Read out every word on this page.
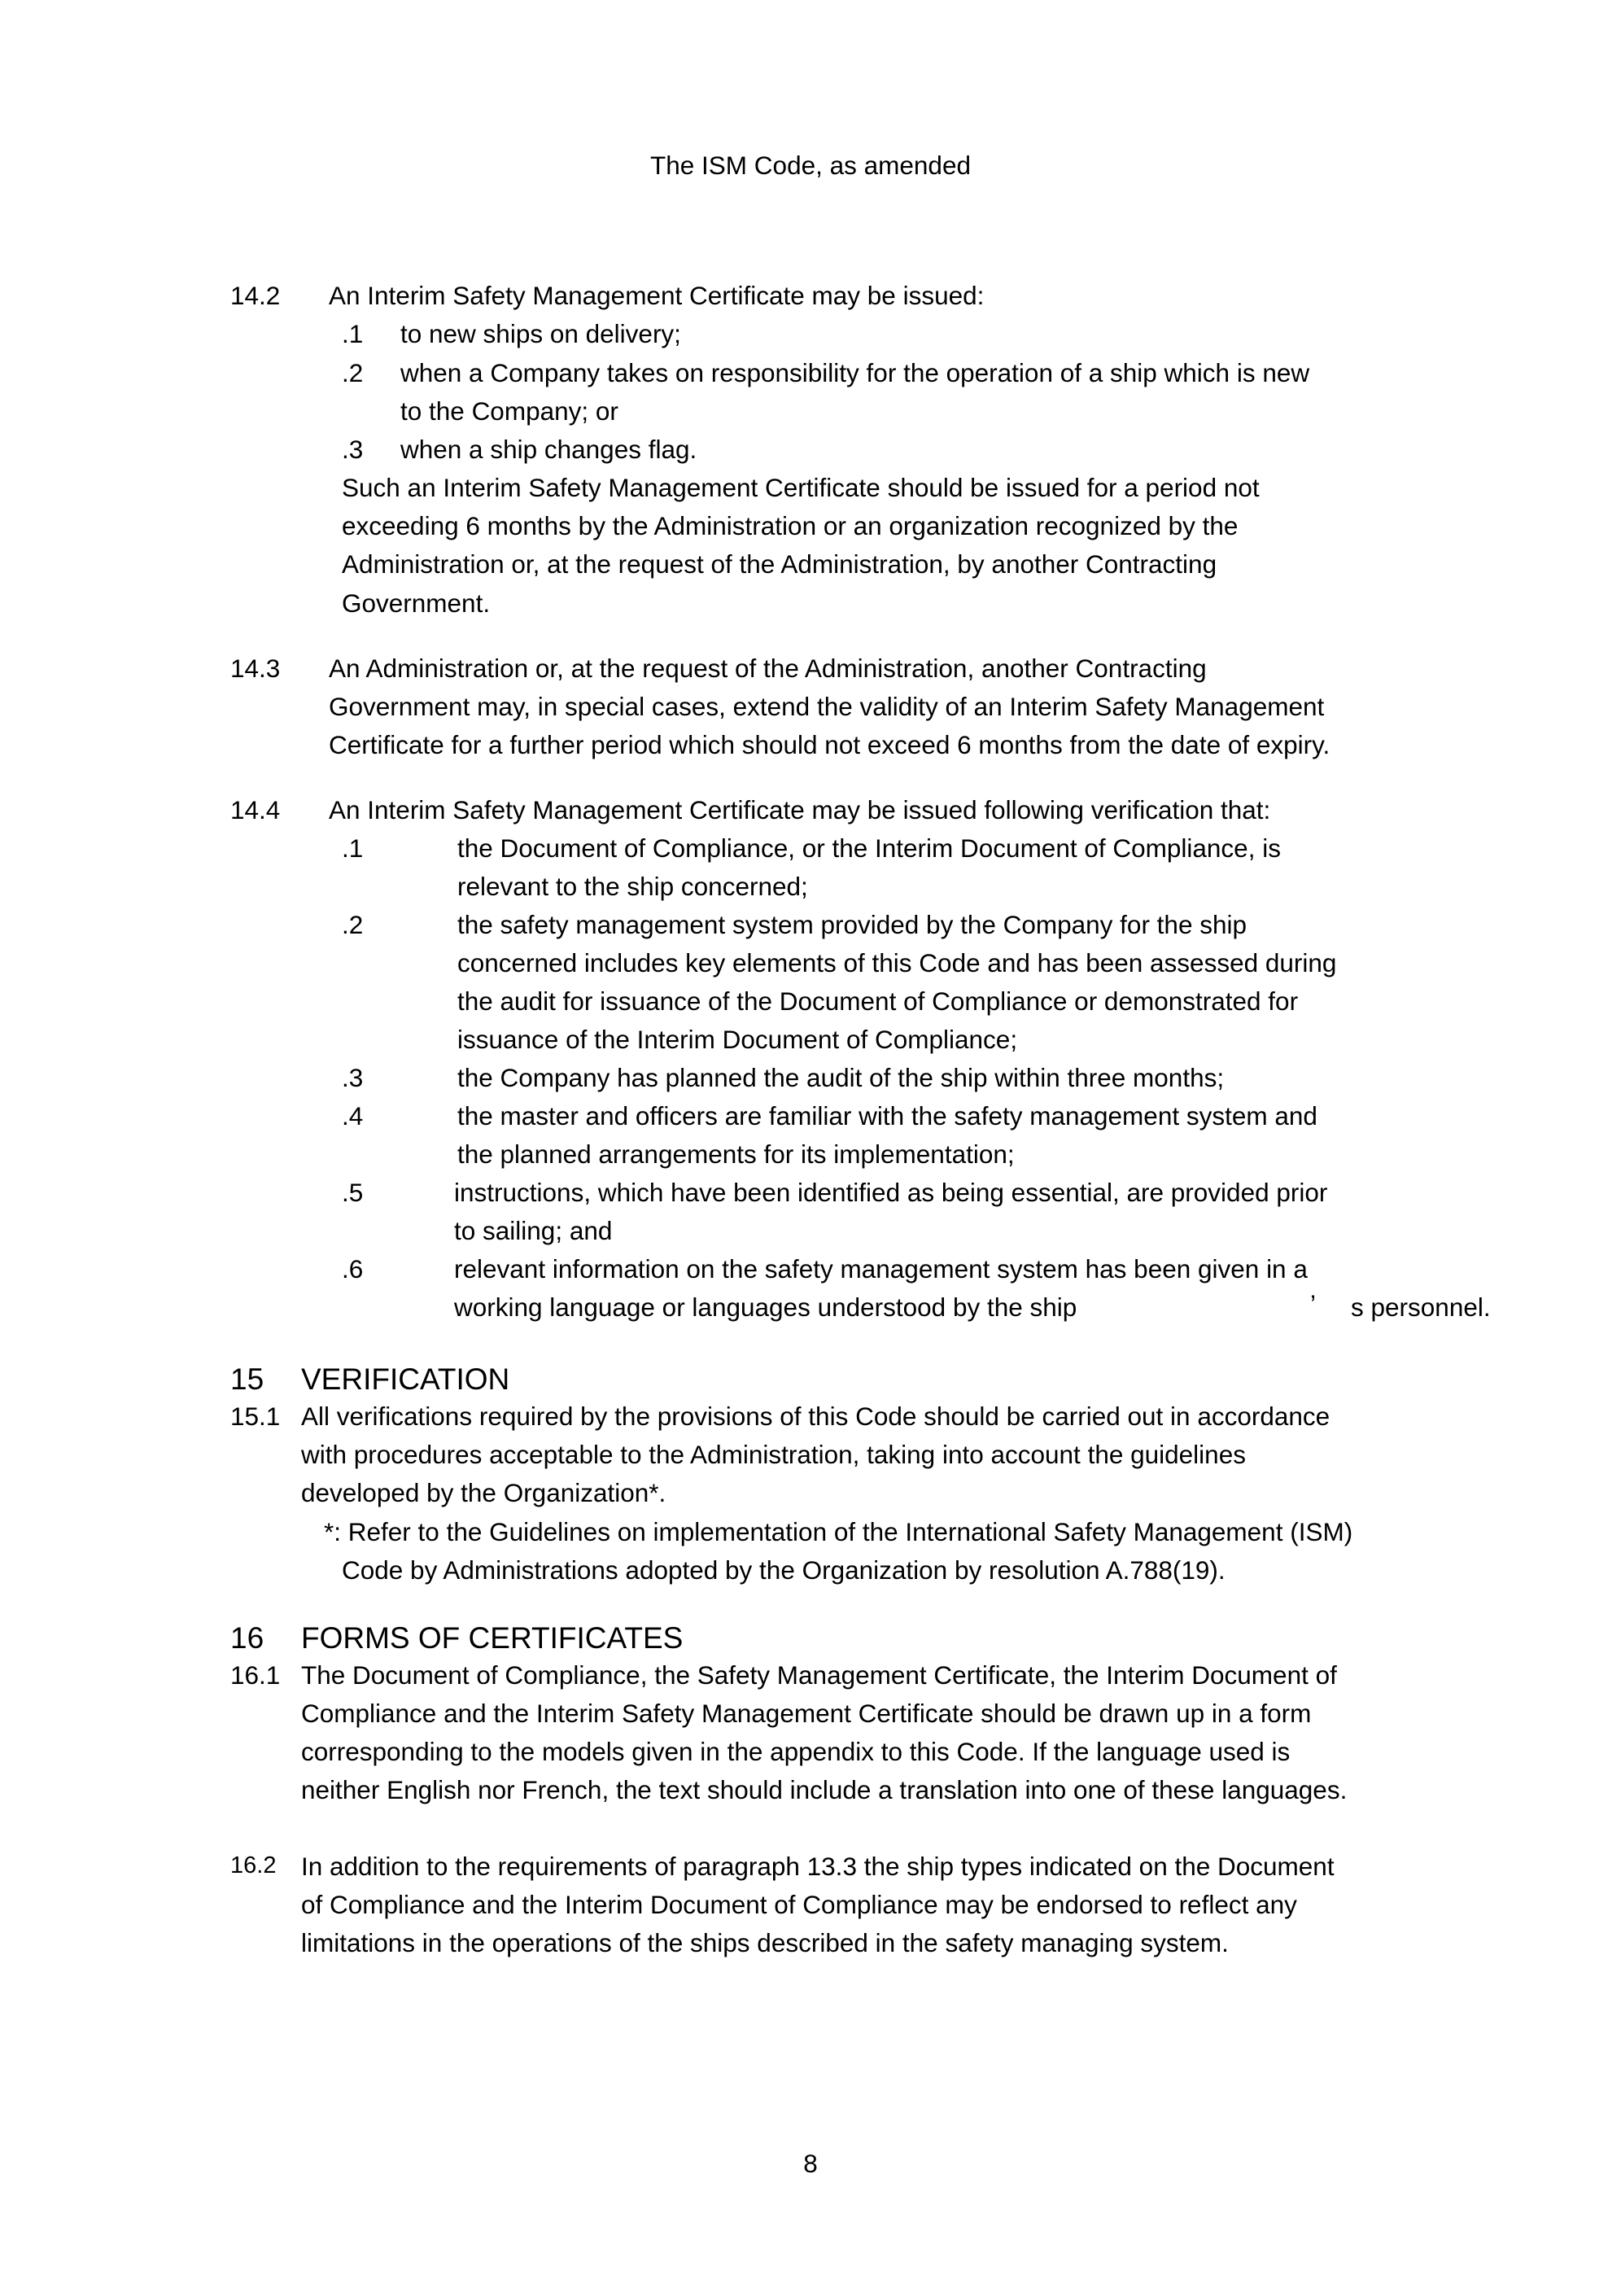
The ISM Code, as amended
14.2 An Interim Safety Management Certificate may be issued:
.1 to new ships on delivery;
.2 when a Company takes on responsibility for the operation of a ship which is new
to the Company; or
.3 when a ship changes flag.
Such an Interim Safety Management Certificate should be issued for a period not
exceeding 6 months by the Administration or an organization recognized by the
Administration or, at the request of the Administration, by another Contracting
Government.
14.3 An Administration or, at the request of the Administration, another Contracting
Government may, in special cases, extend the validity of an Interim Safety Management
Certificate for a further period which should not exceed 6 months from the date of expiry.
14.4 An Interim Safety Management Certificate may be issued following verification that:
.1	the Document of Compliance, or the Interim Document of Compliance, is
relevant to the ship concerned;
.2	the safety management system provided by the Company for the ship
concerned includes key elements of this Code and has been assessed during
the audit for issuance of the Document of Compliance or demonstrated for
issuance of the Interim Document of Compliance;
.3	the Company has planned the audit of the ship within three months;
.4	the master and officers are familiar with the safety management system and
the planned arrangements for its implementation;
.5	instructions, which have been identified as being essential, are provided prior
to sailing; and
.6	relevant information on the safety management system has been given in a
working language or languages understood by the ship	’ s personnel.
15 VERIFICATION
15.1 All verifications required by the provisions of this Code should be carried out in accordance
with procedures acceptable to the Administration, taking into account the guidelines
developed by the Organization*.
*: Refer to the Guidelines on implementation of the International Safety Management (ISM)
Code by Administrations adopted by the Organization by resolution A.788(19).
16 FORMS OF CERTIFICATES
16.1 The Document of Compliance, the Safety Management Certificate, the Interim Document of
Compliance and the Interim Safety Management Certificate should be drawn up in a form
corresponding to the models given in the appendix to this Code. If the language used is
neither English nor French, the text should include a translation into one of these languages.
16.2 In addition to the requirements of paragraph 13.3 the ship types indicated on the Document
of Compliance and the Interim Document of Compliance may be endorsed to reflect any
limitations in the operations of the ships described in the safety managing system.
8
